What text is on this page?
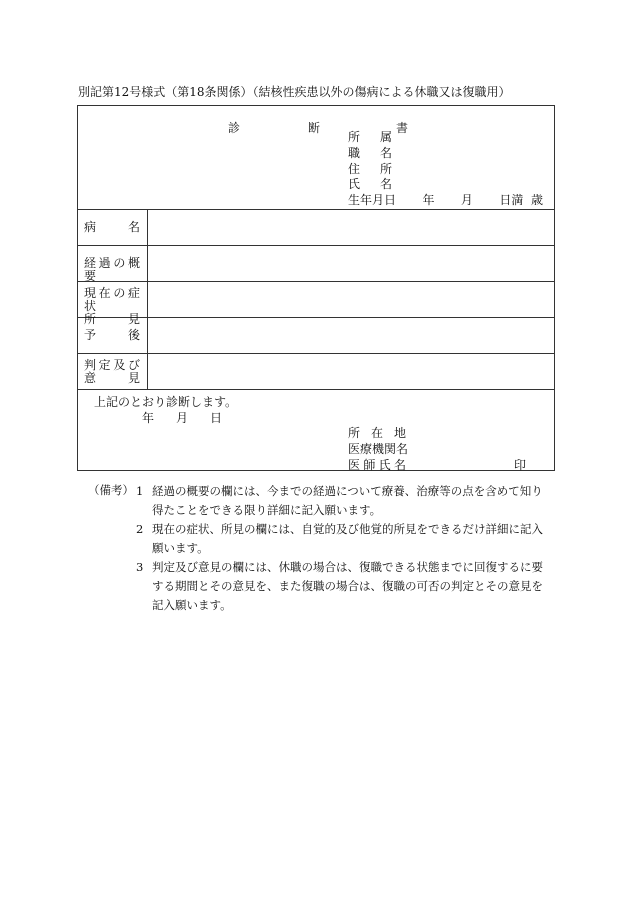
別記第12号様式（第18条関係）（結核性疾患以外の傷病による休職又は復職用）
診	断	書
所属
職名
住所
氏名
生年月日 年 月 日満 歳
病名
経過の概要
現在の症状
所見
予後
判定及び
意見
上記のとおり診断します。
年 月 日
所在地
医療機関名
医師氏名	印
（備考） 1 経過の概要の欄には、今までの経過について療養、治療等の点を含めて知り得たことをできる限り詳細に記入願います。
2 現在の症状、所見の欄には、自覚的及び他覚的所見をできるだけ詳細に記入願います。
3 判定及び意見の欄には、休職の場合は、復職できる状態までに回復するに要する期間とその意見を、また復職の場合は、復職の可否の判定とその意見を記入願います。
